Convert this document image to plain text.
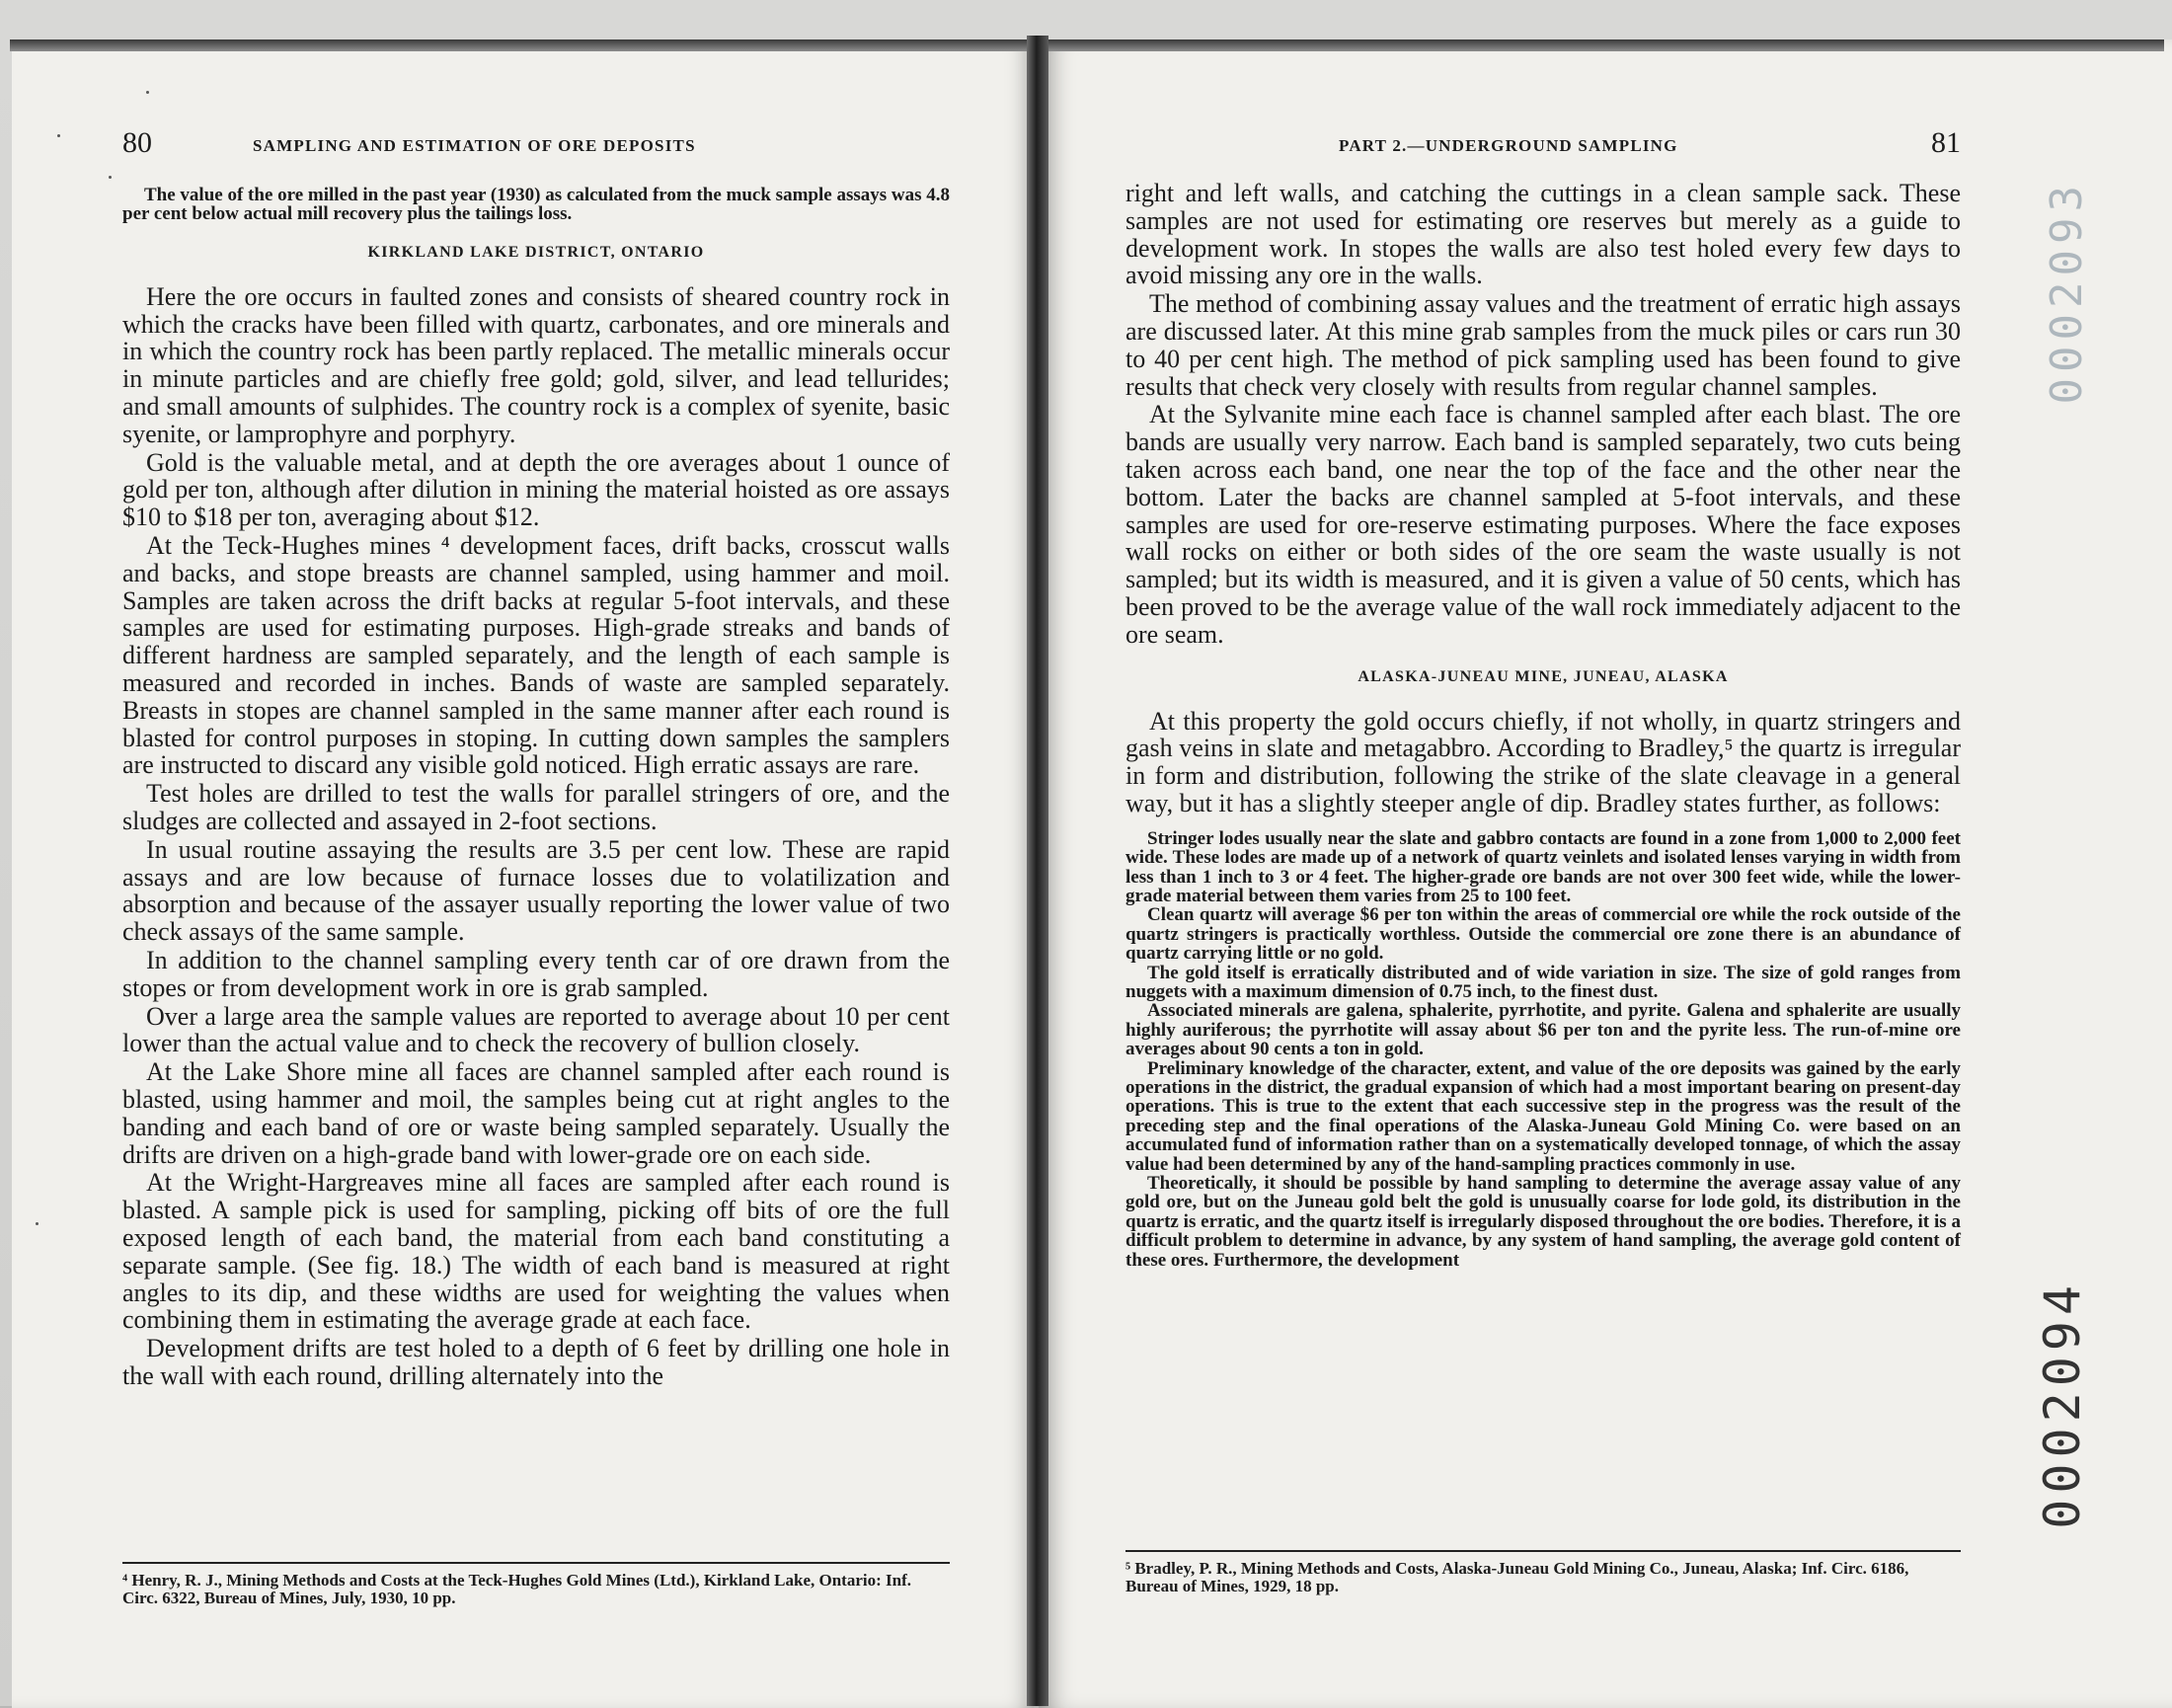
80	SAMPLING AND ESTIMATION OF ORE DEPOSITS

The value of the ore milled in the past year (1930) as calculated from the muck sample assays was 4.8 per cent below actual mill recovery plus the tailings loss.

KIRKLAND LAKE DISTRICT, ONTARIO

Here the ore occurs in faulted zones and consists of sheared country rock in which the cracks have been filled with quartz, carbonates, and ore minerals and in which the country rock has been partly replaced. The metallic minerals occur in minute particles and are chiefly free gold; gold, silver, and lead tellurides; and small amounts of sulphides. The country rock is a complex of syenite, basic syenite, or lamprophyre and porphyry.

Gold is the valuable metal, and at depth the ore averages about 1 ounce of gold per ton, although after dilution in mining the material hoisted as ore assays $10 to $18 per ton, averaging about $12.

At the Teck-Hughes mines ⁴ development faces, drift backs, crosscut walls and backs, and stope breasts are channel sampled, using hammer and moil. Samples are taken across the drift backs at regular 5-foot intervals, and these samples are used for estimating purposes. High-grade streaks and bands of different hardness are sampled separately, and the length of each sample is measured and recorded in inches. Bands of waste are sampled separately. Breasts in stopes are channel sampled in the same manner after each round is blasted for control purposes in stoping. In cutting down samples the samplers are instructed to discard any visible gold noticed. High erratic assays are rare.

Test holes are drilled to test the walls for parallel stringers of ore, and the sludges are collected and assayed in 2-foot sections.

In usual routine assaying the results are 3.5 per cent low. These are rapid assays and are low because of furnace losses due to volatilization and absorption and because of the assayer usually reporting the lower value of two check assays of the same sample.

In addition to the channel sampling every tenth car of ore drawn from the stopes or from development work in ore is grab sampled.

Over a large area the sample values are reported to average about 10 per cent lower than the actual value and to check the recovery of bullion closely.

At the Lake Shore mine all faces are channel sampled after each round is blasted, using hammer and moil, the samples being cut at right angles to the banding and each band of ore or waste being sampled separately. Usually the drifts are driven on a high-grade band with lower-grade ore on each side.

At the Wright-Hargreaves mine all faces are sampled after each round is blasted. A sample pick is used for sampling, picking off bits of ore the full exposed length of each band, the material from each band constituting a separate sample. (See fig. 18.) The width of each band is measured at right angles to its dip, and these widths are used for weighting the values when combining them in estimating the average grade at each face.

Development drifts are test holed to a depth of 6 feet by drilling one hole in the wall with each round, drilling alternately into the

⁴ Henry, R. J., Mining Methods and Costs at the Teck-Hughes Gold Mines (Ltd.), Kirkland Lake, Ontario: Inf. Circ. 6322, Bureau of Mines, July, 1930, 10 pp.
PART 2.—UNDERGROUND SAMPLING	81

right and left walls, and catching the cuttings in a clean sample sack. These samples are not used for estimating ore reserves but merely as a guide to development work. In stopes the walls are also test holed every few days to avoid missing any ore in the walls.

The method of combining assay values and the treatment of erratic high assays are discussed later. At this mine grab samples from the muck piles or cars run 30 to 40 per cent high. The method of pick sampling used has been found to give results that check very closely with results from regular channel samples.

At the Sylvanite mine each face is channel sampled after each blast. The ore bands are usually very narrow. Each band is sampled separately, two cuts being taken across each band, one near the top of the face and the other near the bottom. Later the backs are channel sampled at 5-foot intervals, and these samples are used for ore-reserve estimating purposes. Where the face exposes wall rocks on either or both sides of the ore seam the waste usually is not sampled; but its width is measured, and it is given a value of 50 cents, which has been proved to be the average value of the wall rock immediately adjacent to the ore seam.

ALASKA-JUNEAU MINE, JUNEAU, ALASKA

At this property the gold occurs chiefly, if not wholly, in quartz stringers and gash veins in slate and metagabbro. According to Bradley,⁵ the quartz is irregular in form and distribution, following the strike of the slate cleavage in a general way, but it has a slightly steeper angle of dip. Bradley states further, as follows:

Stringer lodes usually near the slate and gabbro contacts are found in a zone from 1,000 to 2,000 feet wide. These lodes are made up of a network of quartz veinlets and isolated lenses varying in width from less than 1 inch to 3 or 4 feet. The higher-grade ore bands are not over 300 feet wide, while the lower-grade material between them varies from 25 to 100 feet.

Clean quartz will average $6 per ton within the areas of commercial ore while the rock outside of the quartz stringers is practically worthless. Outside the commercial ore zone there is an abundance of quartz carrying little or no gold.

The gold itself is erratically distributed and of wide variation in size. The size of gold ranges from nuggets with a maximum dimension of 0.75 inch, to the finest dust.

Associated minerals are galena, sphalerite, pyrrhotite, and pyrite. Galena and sphalerite are usually highly auriferous; the pyrrhotite will assay about $6 per ton and the pyrite less. The run-of-mine ore averages about 90 cents a ton in gold.

Preliminary knowledge of the character, extent, and value of the ore deposits was gained by the early operations in the district, the gradual expansion of which had a most important bearing on present-day operations. This is true to the extent that each successive step in the progress was the result of the preceding step and the final operations of the Alaska-Juneau Gold Mining Co. were based on an accumulated fund of information rather than on a systematically developed tonnage, of which the assay value had been determined by any of the hand-sampling practices commonly in use.

Theoretically, it should be possible by hand sampling to determine the average assay value of any gold ore, but on the Juneau gold belt the gold is unusually coarse for lode gold, its distribution in the quartz is erratic, and the quartz itself is irregularly disposed throughout the ore bodies. Therefore, it is a difficult problem to determine in advance, by any system of hand sampling, the average gold content of these ores. Furthermore, the development

⁵ Bradley, P. R., Mining Methods and Costs, Alaska-Juneau Gold Mining Co., Juneau, Alaska; Inf. Circ. 6186, Bureau of Mines, 1929, 18 pp.
0002093
0002094
